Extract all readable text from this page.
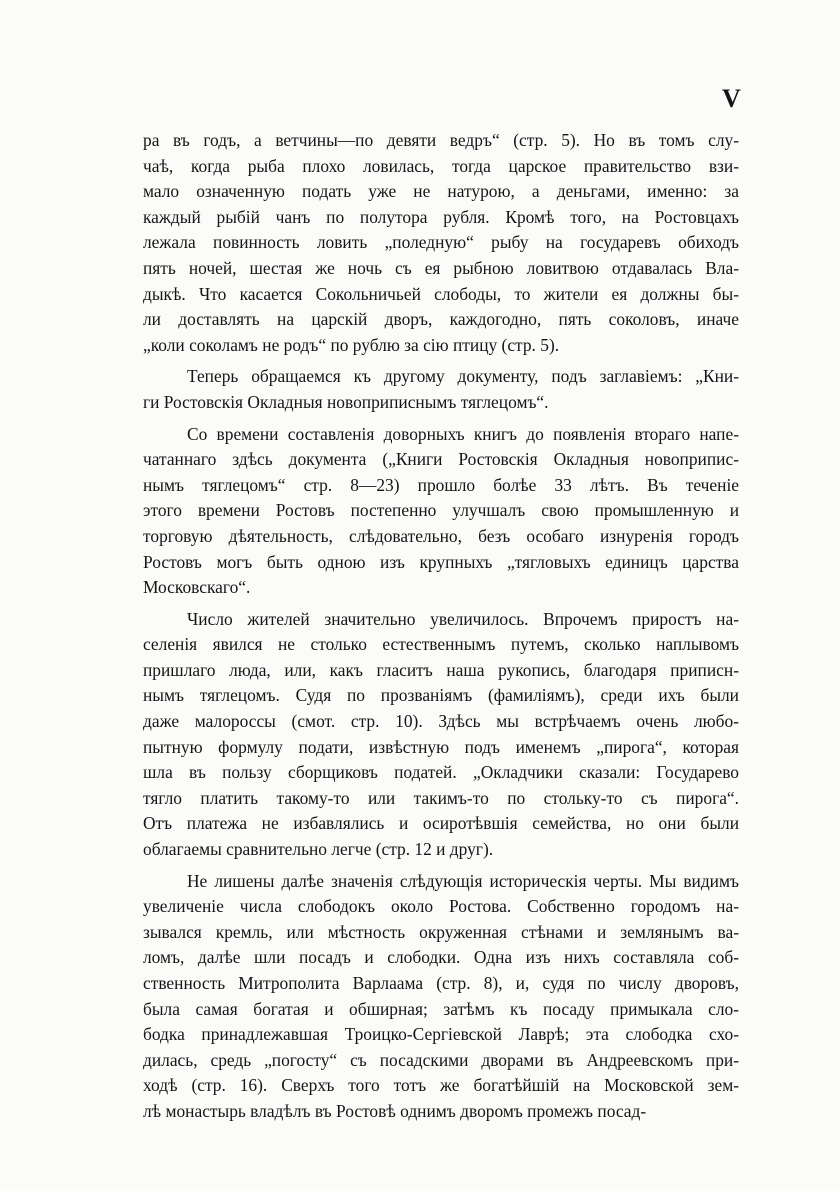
V
ра въ годъ, а ветчины—по девяти ведръ“ (стр. 5). Но въ томъ слу-
чаѣ, когда рыба плохо ловилась, тогда царское правительство взи-
мало означенную подать уже не натурою, а деньгами, именно: за
каждый рыбій чанъ по полутора рубля. Кромѣ того, на Ростовцахъ
лежала повинность ловить „поледную“ рыбу на государевъ обиходъ
пять ночей, шестая же ночь съ ея рыбною ловитвою отдавалась Вла-
дыкѣ. Что касается Сокольничьей слободы, то жители ея должны бы-
ли доставлять на царскій дворъ, каждогодно, пять соколовъ, иначе
„коли соколамъ не родъ“ по рублю за сію птицу (стр. 5).
Теперь обращаемся къ другому документу, подъ заглавіемъ: „Кни-
ги Ростовскія Окладныя новоприписнымъ тяглецомъ“.
Со времени составленія доворныхъ книгъ до появленія втораго напе-
чатаннаго здѣсь документа („Книги Ростовскія Окладныя новоприпис-
нымъ тяглецомъ“ стр. 8—23) прошло болѣе 33 лѣтъ. Въ теченіе
этого времени Ростовъ постепенно улучшалъ свою промышленную и
торговую дѣятельность, слѣдовательно, безъ особаго изнуренія городъ
Ростовъ могъ быть одною изъ крупныхъ „тягловыхъ единицъ царства
Московскаго“.
Число жителей значительно увеличилось. Впрочемъ приростъ на-
селенія явился не столько естественнымъ путемъ, сколько наплывомъ
пришлаго люда, или, какъ гласитъ наша рукопись, благодаря приписн-
нымъ тяглецомъ. Судя по прозваніямъ (фамиліямъ), среди ихъ были
даже малороссы (смот. стр. 10). Здѣсь мы встрѣчаемъ очень любо-
пытную формулу подати, извѣстную подъ именемъ „пирога“, которая
шла въ пользу сборщиковъ податей. „Окладчики сказали: Государево
тягло платить такому-то или такимъ-то по стольку-то съ пирога“.
Отъ платежа не избавлялись и осиротѣвшія семейства, но они были
облагаемы сравнительно легче (стр. 12 и друг).
Не лишены далѣе значенія слѣдующія историческія черты. Мы видимъ
увеличеніе числа слободокъ около Ростова. Собственно городомъ на-
зывался кремль, или мѣстность окруженная стѣнами и землянымъ ва-
ломъ, далѣе шли посадъ и слободки. Одна изъ нихъ составляла соб-
ственность Митрополита Варлаама (стр. 8), и, судя по числу дворовъ,
была самая богатая и обширная; затѣмъ къ посаду примыкала сло-
бодка принадлежавшая Троицко-Сергіевской Лаврѣ; эта слободка схо-
дилась, средь „погосту“ съ посадскими дворами въ Андреевскомъ при-
ходѣ (стр. 16). Сверхъ того тотъ же богатѣйшій на Московской зем-
лѣ монастырь владѣлъ въ Ростовѣ однимъ дворомъ промежъ посад-
